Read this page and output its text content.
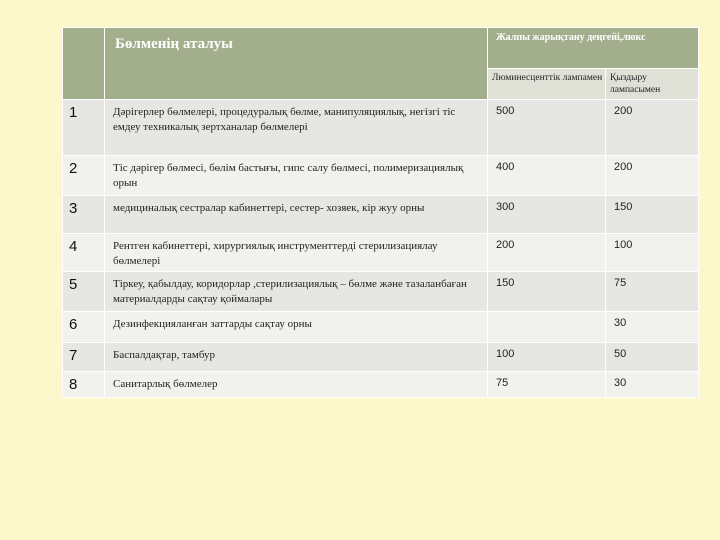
	Бөлменің аталуы	Жалпы жарықтану деңгейі,люкс	
		Люминесценттік лампамен	Қыздыру лампасымен
1	Дәрігерлер бөлмелері, процедуралық бөлме, манипуляциялық, негізгі тіс емдеу техникалық зертханалар бөлмелері	500	200
2	Тіс дәрігер бөлмесі, бөлім бастығы, гипс салу бөлмесі, полимеризациялық орын	400	200
3	медициналық сестралар кабинеттері, сестер- хозяек, кір жуу орны	300	150
4	Рентген кабинеттері, хирургиялық инструменттерді стерилизациялау бөлмелері	200	100
5	Тіркеу, қабылдау, коридорлар ,стерилизациялық – бөлме және тазаланбаған материалдарды сақтау қоймалары	150	75
6	Дезинфекцияланған заттарды сақтау орны		30
7	Баспалдақтар, тамбур	100	50
8	Санитарлық бөлмелер	75	30
